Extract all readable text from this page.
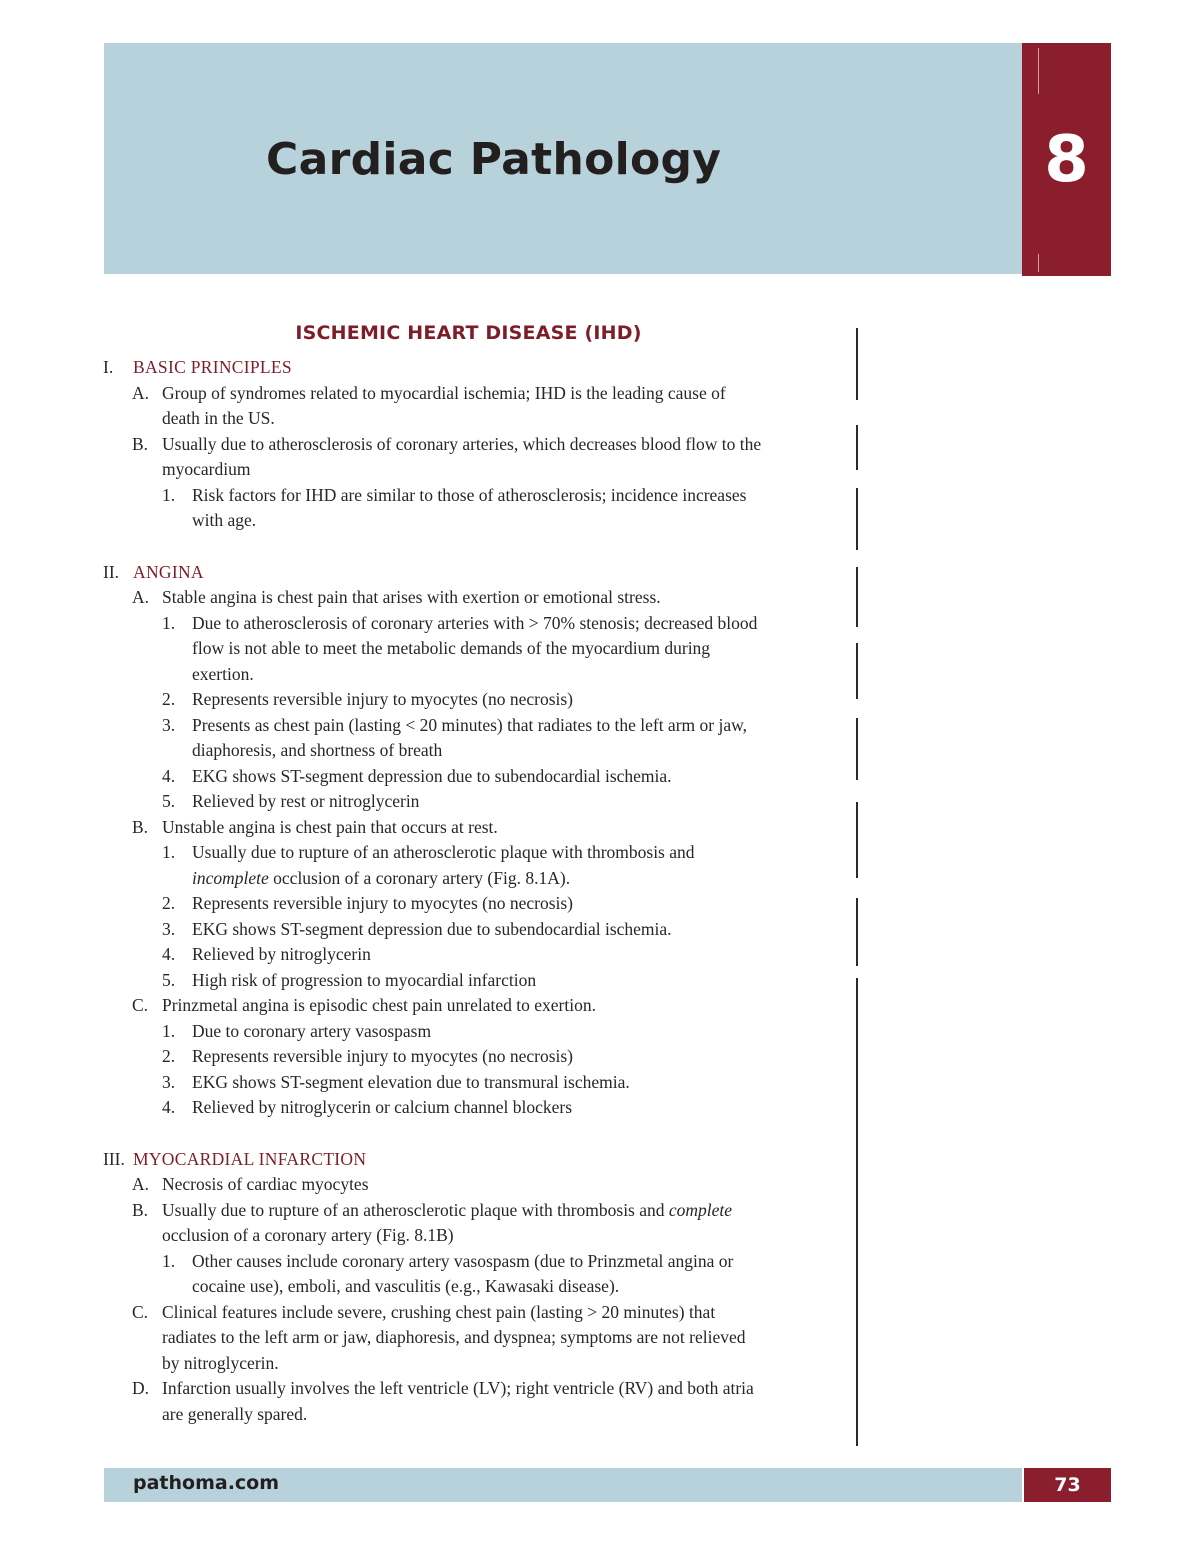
Cardiac Pathology	8
ISCHEMIC HEART DISEASE (IHD)
I. BASIC PRINCIPLES
A. Group of syndromes related to myocardial ischemia; IHD is the leading cause of
death in the US.
B. Usually due to atherosclerosis of coronary arteries, which decreases blood flow to the
myocardium
1. Risk factors for IHD are similar to those of atherosclerosis; incidence increases
with age.
II. ANGINA
A. Stable angina is chest pain that arises with exertion or emotional stress.
1. Due to atherosclerosis of coronary arteries with > 70% stenosis; decreased blood
flow is not able to meet the metabolic demands of the myocardium during
exertion.
2. Represents reversible injury to myocytes (no necrosis)
3. Presents as chest pain (lasting < 20 minutes) that radiates to the left arm or jaw,
diaphoresis, and shortness of breath
4. EKG shows ST-segment depression due to subendocardial ischemia.
5. Relieved by rest or nitroglycerin
B. Unstable angina is chest pain that occurs at rest.
1. Usually due to rupture of an atherosclerotic plaque with thrombosis and
incomplete occlusion of a coronary artery (Fig. 8.1A).
2. Represents reversible injury to myocytes (no necrosis)
3. EKG shows ST-segment depression due to subendocardial ischemia.
4. Relieved by nitroglycerin
5. High risk of progression to myocardial infarction
C. Prinzmetal angina is episodic chest pain unrelated to exertion.
1. Due to coronary artery vasospasm
2. Represents reversible injury to myocytes (no necrosis)
3. EKG shows ST-segment elevation due to transmural ischemia.
4. Relieved by nitroglycerin or calcium channel blockers
III. MYOCARDIAL INFARCTION
A. Necrosis of cardiac myocytes
B. Usually due to rupture of an atherosclerotic plaque with thrombosis and complete
occlusion of a coronary artery (Fig. 8.1B)
1. Other causes include coronary artery vasospasm (due to Prinzmetal angina or
cocaine use), emboli, and vasculitis (e.g., Kawasaki disease).
C. Clinical features include severe, crushing chest pain (lasting > 20 minutes) that
radiates to the left arm or jaw, diaphoresis, and dyspnea; symptoms are not relieved
by nitroglycerin.
D. Infarction usually involves the left ventricle (LV); right ventricle (RV) and both atria
are generally spared.
pathoma.com	73
